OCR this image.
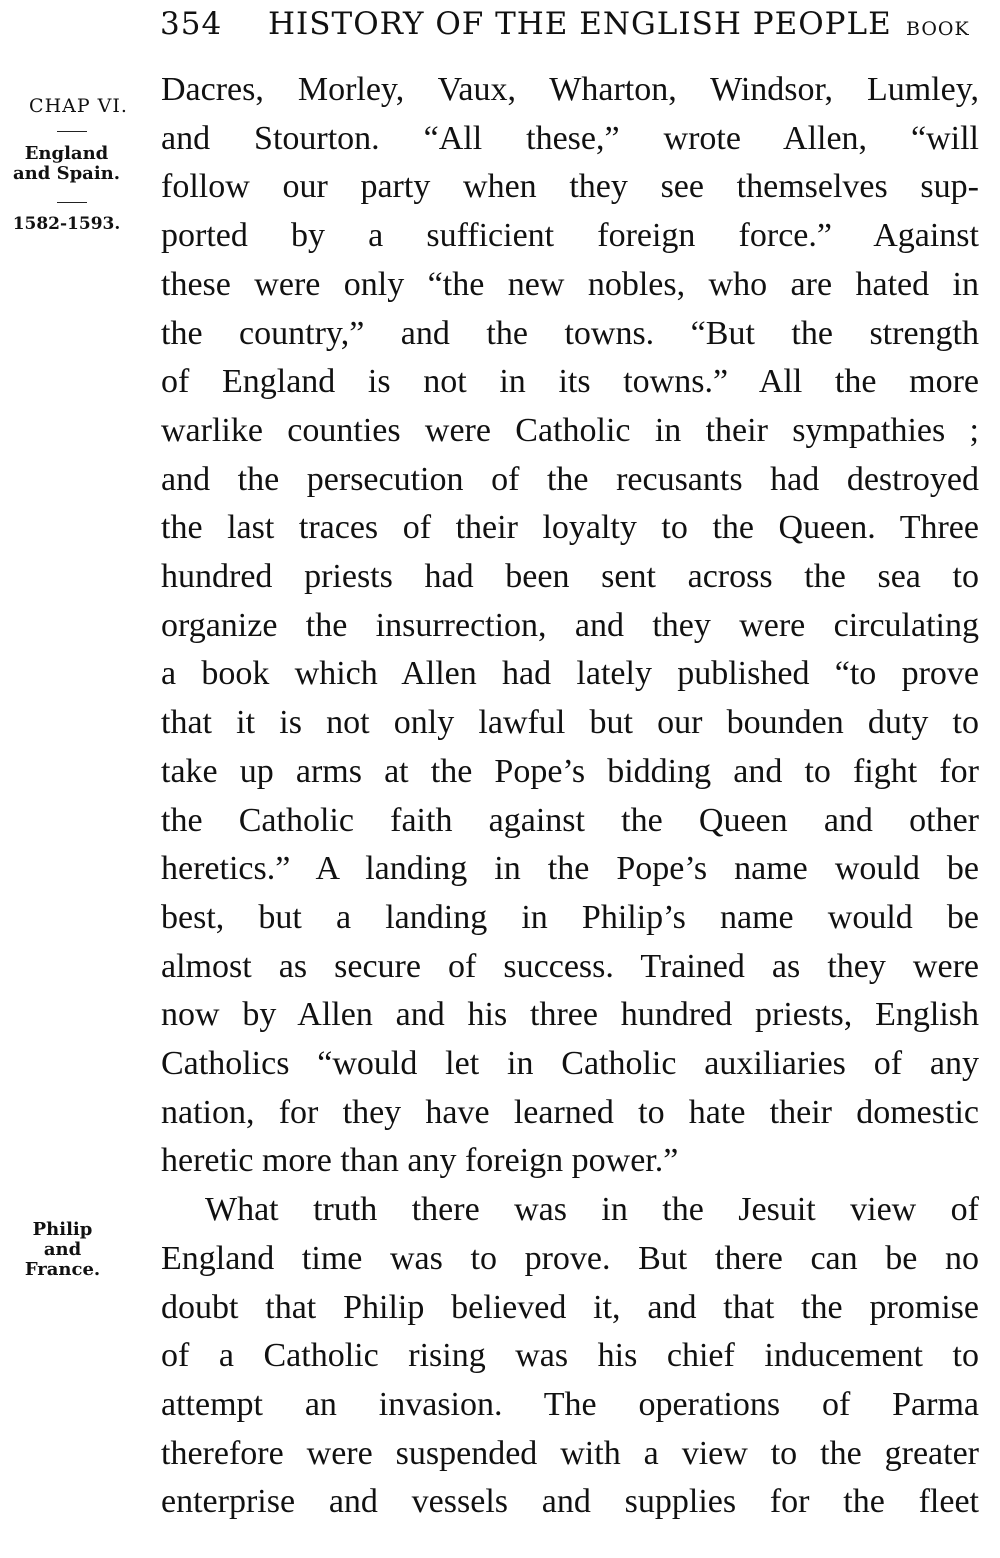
354 HISTORY OF THE ENGLISH PEOPLE BOOK
CHAP VI.
England
and Spain.
1582-1593.
Philip
and
France.
Dacres, Morley, Vaux, Wharton, Windsor, Lumley,
and Stourton. “All these,” wrote Allen, “will
follow our party when they see themselves sup-
ported by a sufficient foreign force.” Against
these were only “the new nobles, who are hated in
the country,” and the towns. “But the strength
of England is not in its towns.” All the more
warlike counties were Catholic in their sympathies ;
and the persecution of the recusants had destroyed
the last traces of their loyalty to the Queen. Three
hundred priests had been sent across the sea to
organize the insurrection, and they were circulating
a book which Allen had lately published “to prove
that it is not only lawful but our bounden duty to
take up arms at the Pope’s bidding and to fight for
the Catholic faith against the Queen and other
heretics.” A landing in the Pope’s name would be
best, but a landing in Philip’s name would be
almost as secure of success. Trained as they were
now by Allen and his three hundred priests, English
Catholics “would let in Catholic auxiliaries of any
nation, for they have learned to hate their domestic
heretic more than any foreign power.”
What truth there was in the Jesuit view of
England time was to prove. But there can be no
doubt that Philip believed it, and that the promise
of a Catholic rising was his chief inducement to
attempt an invasion. The operations of Parma
therefore were suspended with a view to the greater
enterprise and vessels and supplies for the fleet
